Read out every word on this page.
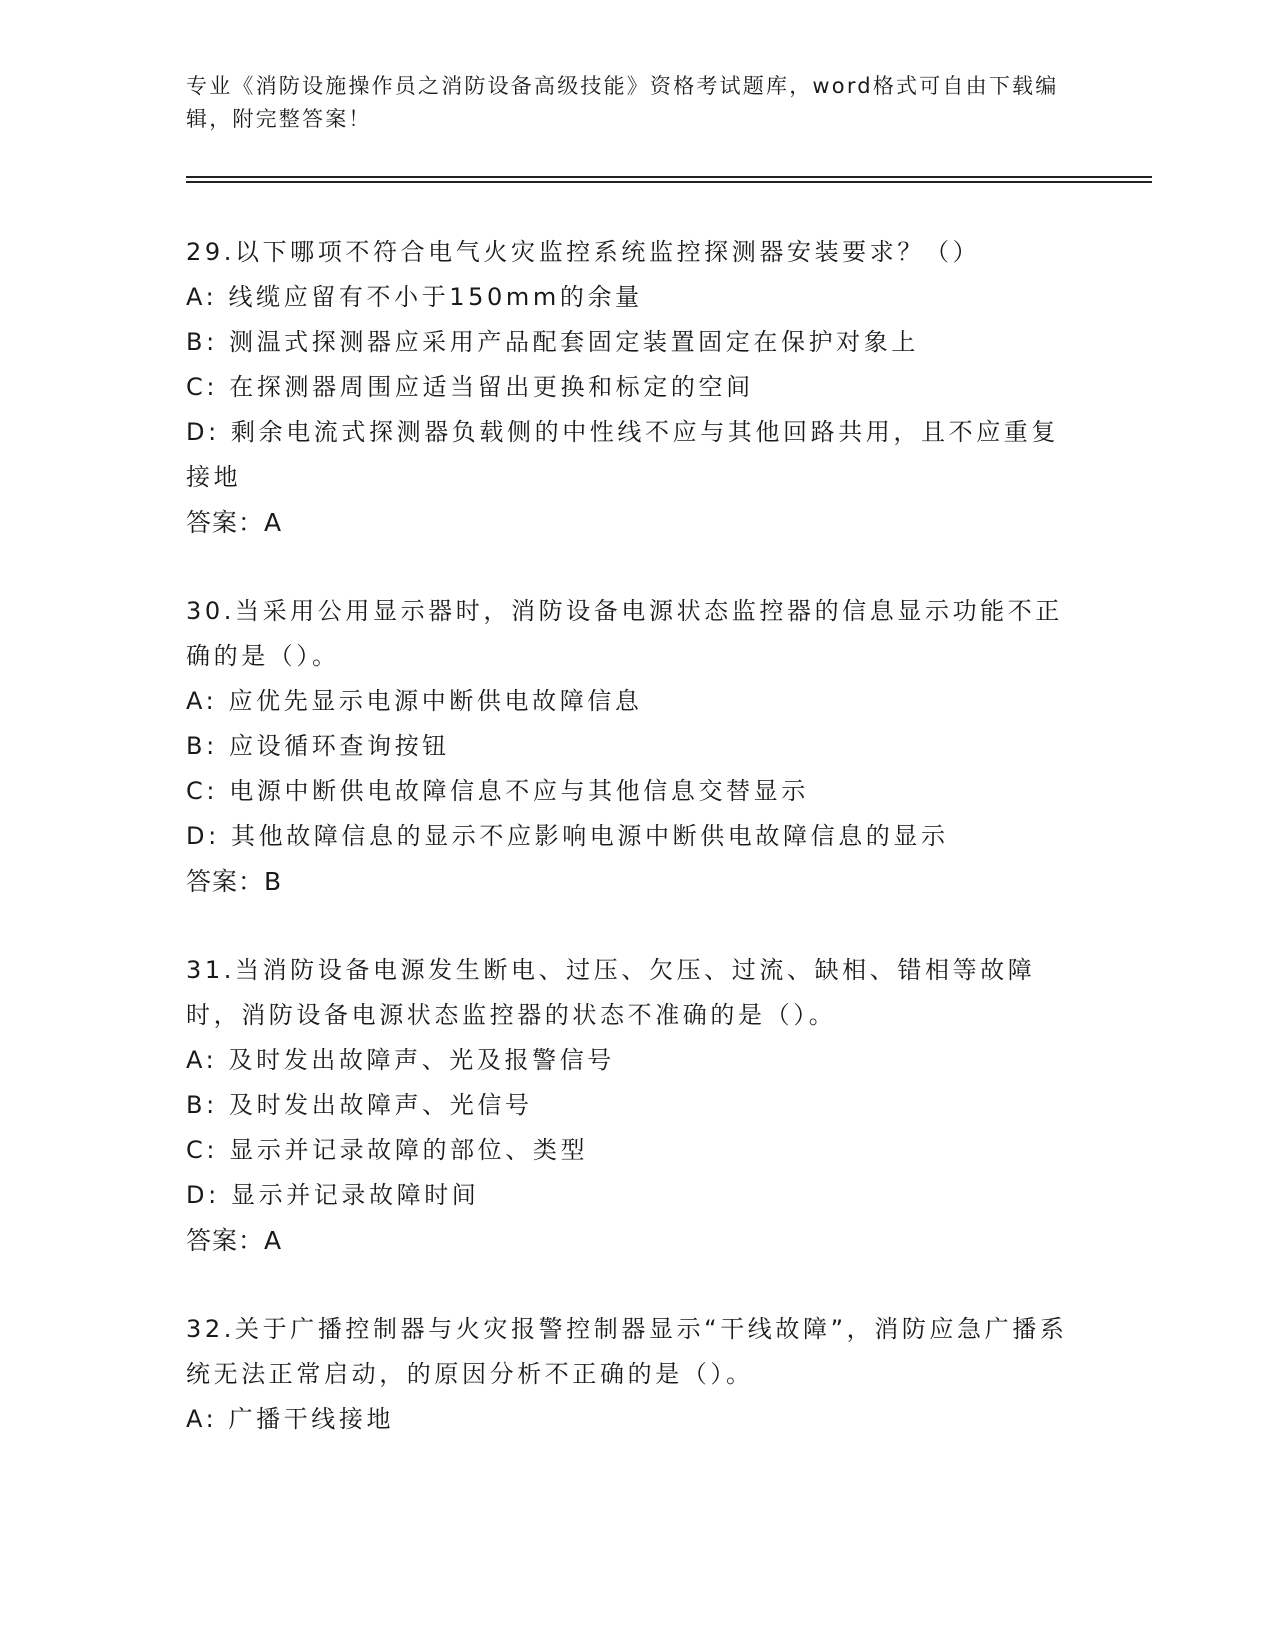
专业《消防设施操作员之消防设备高级技能》资格考试题库，word格式可自由下载编辑，附完整答案！

29.以下哪项不符合电气火灾监控系统监控探测器安装要求？（）

A: 线缆应留有不小于150mm的余量

B: 测温式探测器应采用产品配套固定装置固定在保护对象上

C: 在探测器周围应适当留出更换和标定的空间

D: 剩余电流式探测器负载侧的中性线不应与其他回路共用，且不应重复接地

答案：A

30.当采用公用显示器时，消防设备电源状态监控器的信息显示功能不正确的是（）。

A: 应优先显示电源中断供电故障信息

B: 应设循环查询按钮

C: 电源中断供电故障信息不应与其他信息交替显示

D: 其他故障信息的显示不应影响电源中断供电故障信息的显示

答案：B

31.当消防设备电源发生断电、过压、欠压、过流、缺相、错相等故障时，消防设备电源状态监控器的状态不准确的是（）。

A: 及时发出故障声、光及报警信号

B: 及时发出故障声、光信号

C: 显示并记录故障的部位、类型

D: 显示并记录故障时间

答案：A

32.关于广播控制器与火灾报警控制器显示“干线故障”，消防应急广播系统无法正常启动，的原因分析不正确的是（）。

A: 广播干线接地
